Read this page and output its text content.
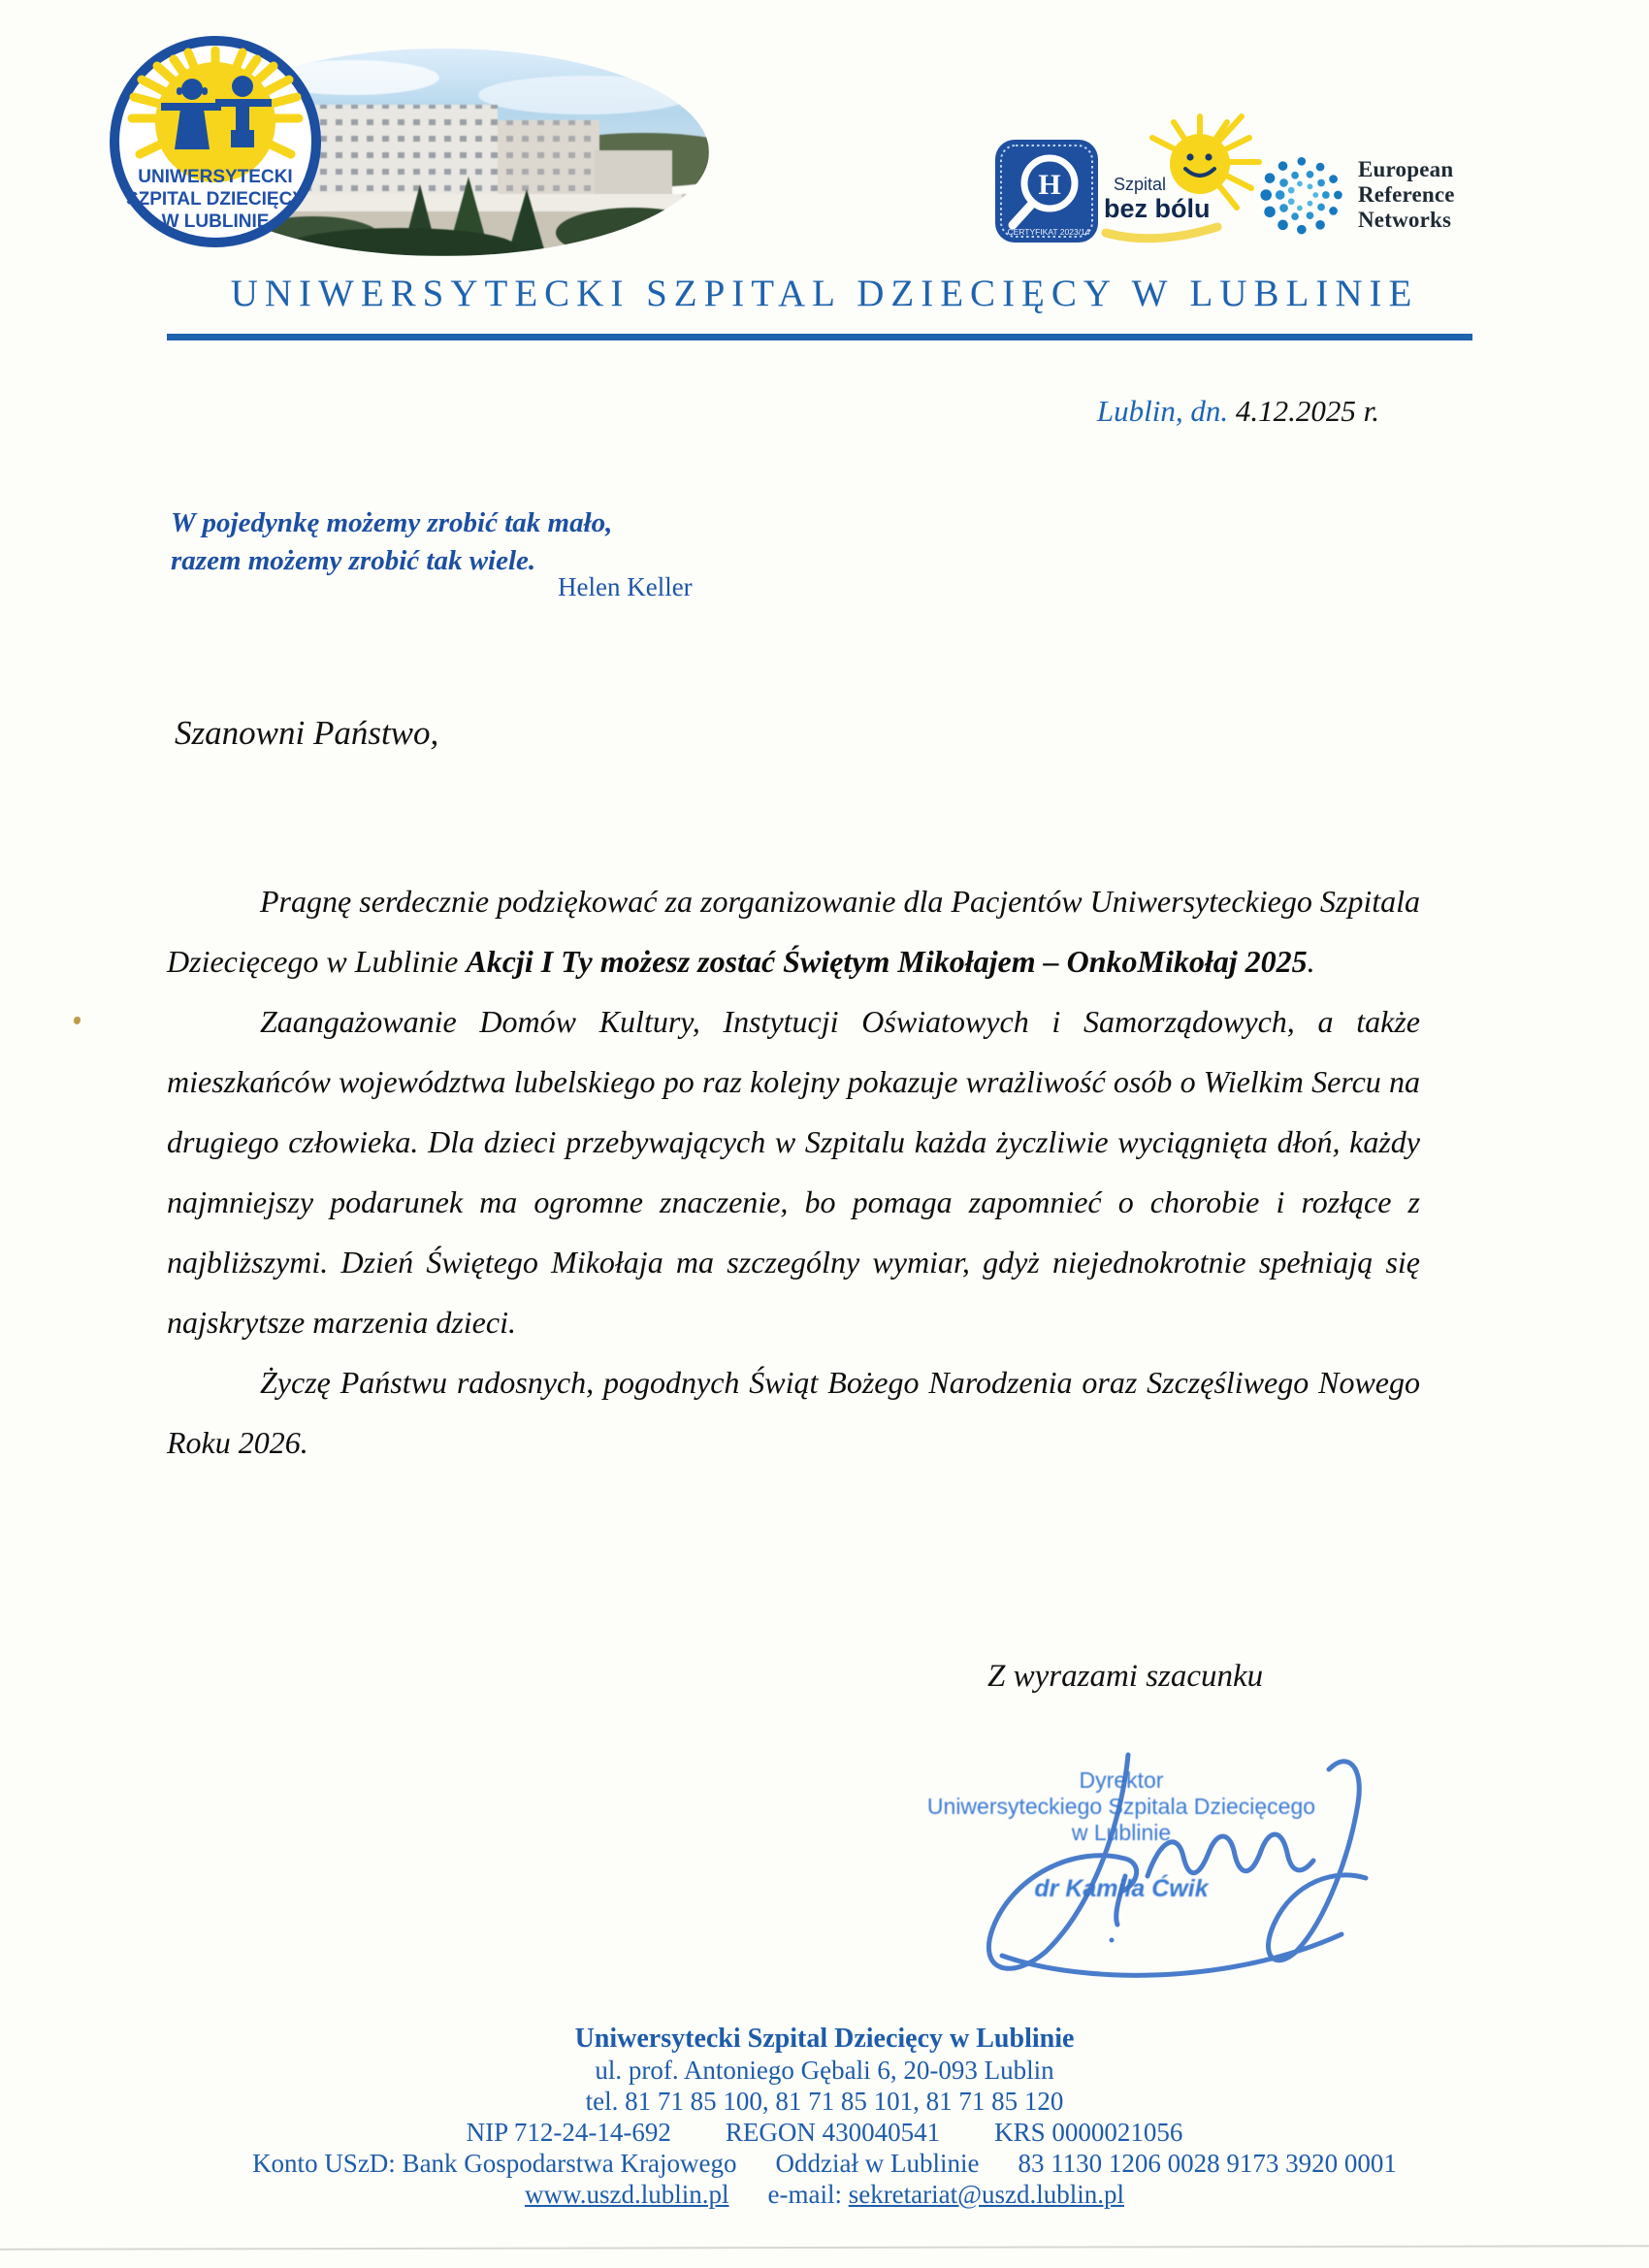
UNIWERSYTECKI
SZPITAL DZIECIĘCY
W LUBLINIE
H
CERTYFIKAT 2023/14
Szpital
bez bólu
European
Reference
Networks
UNIWERSYTECKI SZPITAL DZIECIĘCY W LUBLINIE
Lublin, dn. 4.12.2025 r.
W pojedynkę możemy zrobić tak mało,
razem możemy zrobić tak wiele.
Helen Keller
Szanowni Państwo,

Pragnę serdecznie podziękować za zorganizowanie dla Pacjentów Uniwersyteckiego Szpitala Dziecięcego w Lublinie Akcji I Ty możesz zostać Świętym Mikołajem – OnkoMikołaj 2025.

Zaangażowanie Domów Kultury, Instytucji Oświatowych i Samorządowych, a także mieszkańców województwa lubelskiego po raz kolejny pokazuje wrażliwość osób o Wielkim Sercu na drugiego człowieka. Dla dzieci przebywających w Szpitalu każda życzliwie wyciągnięta dłoń, każdy najmniejszy podarunek ma ogromne znaczenie, bo pomaga zapomnieć o chorobie i rozłące z najbliższymi. Dzień Świętego Mikołaja ma szczególny wymiar, gdyż niejednokrotnie spełniają się najskrytsze marzenia dzieci.

Życzę Państwu radosnych, pogodnych Świąt Bożego Narodzenia oraz Szczęśliwego Nowego Roku 2026.

Z wyrazami szacunku
Dyrektor
Uniwersyteckiego Szpitala Dziecięcego
w Lublinie
dr Kamila Ćwik
Uniwersytecki Szpital Dziecięcy w Lublinie
ul. prof. Antoniego Gębali 6, 20-093 Lublin
tel. 81 71 85 100, 81 71 85 101, 81 71 85 120
NIP 712-24-14-692 REGON 430040541 KRS 0000021056
Konto USzD: Bank Gospodarstwa Krajowego Oddział w Lublinie 83 1130 1206 0028 9173 3920 0001
www.uszd.lublin.pl e-mail: sekretariat@uszd.lublin.pl
